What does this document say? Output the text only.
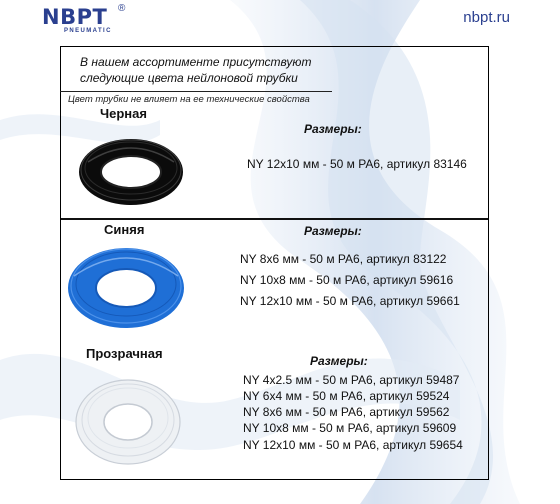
NBPT	®
PNEUMATIC
nbpt.ru
В нашем ассортименте присутствуют
следующие цвета нейлоновой трубки
Цвет трубки не влияет на ее технические свойства
Черная
Размеры:
NY 12x10 мм - 50 м PA6, артикул 83146
Синяя	Размеры:
NY 8x6 мм - 50 м PA6, артикул 83122
NY 10x8 мм - 50 м PA6, артикул 59616
NY 12x10 мм - 50 м PA6, артикул 59661
Прозрачная	Размеры:
NY 4x2.5 мм - 50 м PA6, артикул 59487
NY 6x4 мм - 50 м PA6, артикул 59524
NY 8x6 мм - 50 м PA6, артикул 59562
NY 10x8 мм - 50 м PA6, артикул 59609
NY 12x10 мм - 50 м PA6, артикул 59654
